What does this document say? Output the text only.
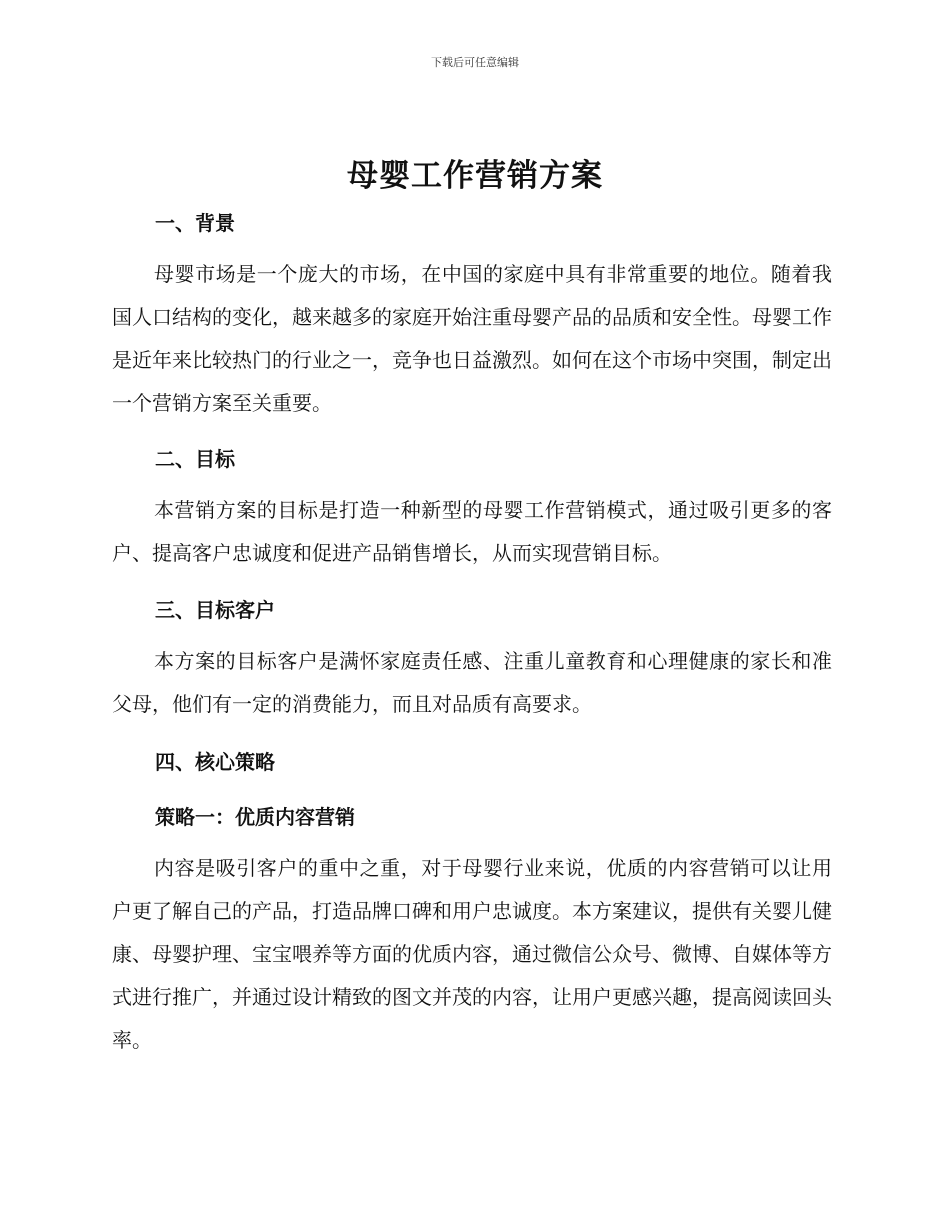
下载后可任意编辑
母婴工作营销方案
一、背景
母婴市场是一个庞大的市场，在中国的家庭中具有非常重要的地位。随着我国人口结构的变化，越来越多的家庭开始注重母婴产品的品质和安全性。母婴工作是近年来比较热门的行业之一，竞争也日益激烈。如何在这个市场中突围，制定出一个营销方案至关重要。
二、目标
本营销方案的目标是打造一种新型的母婴工作营销模式，通过吸引更多的客户、提高客户忠诚度和促进产品销售增长，从而实现营销目标。
三、目标客户
本方案的目标客户是满怀家庭责任感、注重儿童教育和心理健康的家长和准父母，他们有一定的消费能力，而且对品质有高要求。
四、核心策略
策略一：优质内容营销
内容是吸引客户的重中之重，对于母婴行业来说，优质的内容营销可以让用户更了解自己的产品，打造品牌口碑和用户忠诚度。本方案建议，提供有关婴儿健康、母婴护理、宝宝喂养等方面的优质内容，通过微信公众号、微博、自媒体等方式进行推广，并通过设计精致的图文并茂的内容，让用户更感兴趣，提高阅读回头率。
